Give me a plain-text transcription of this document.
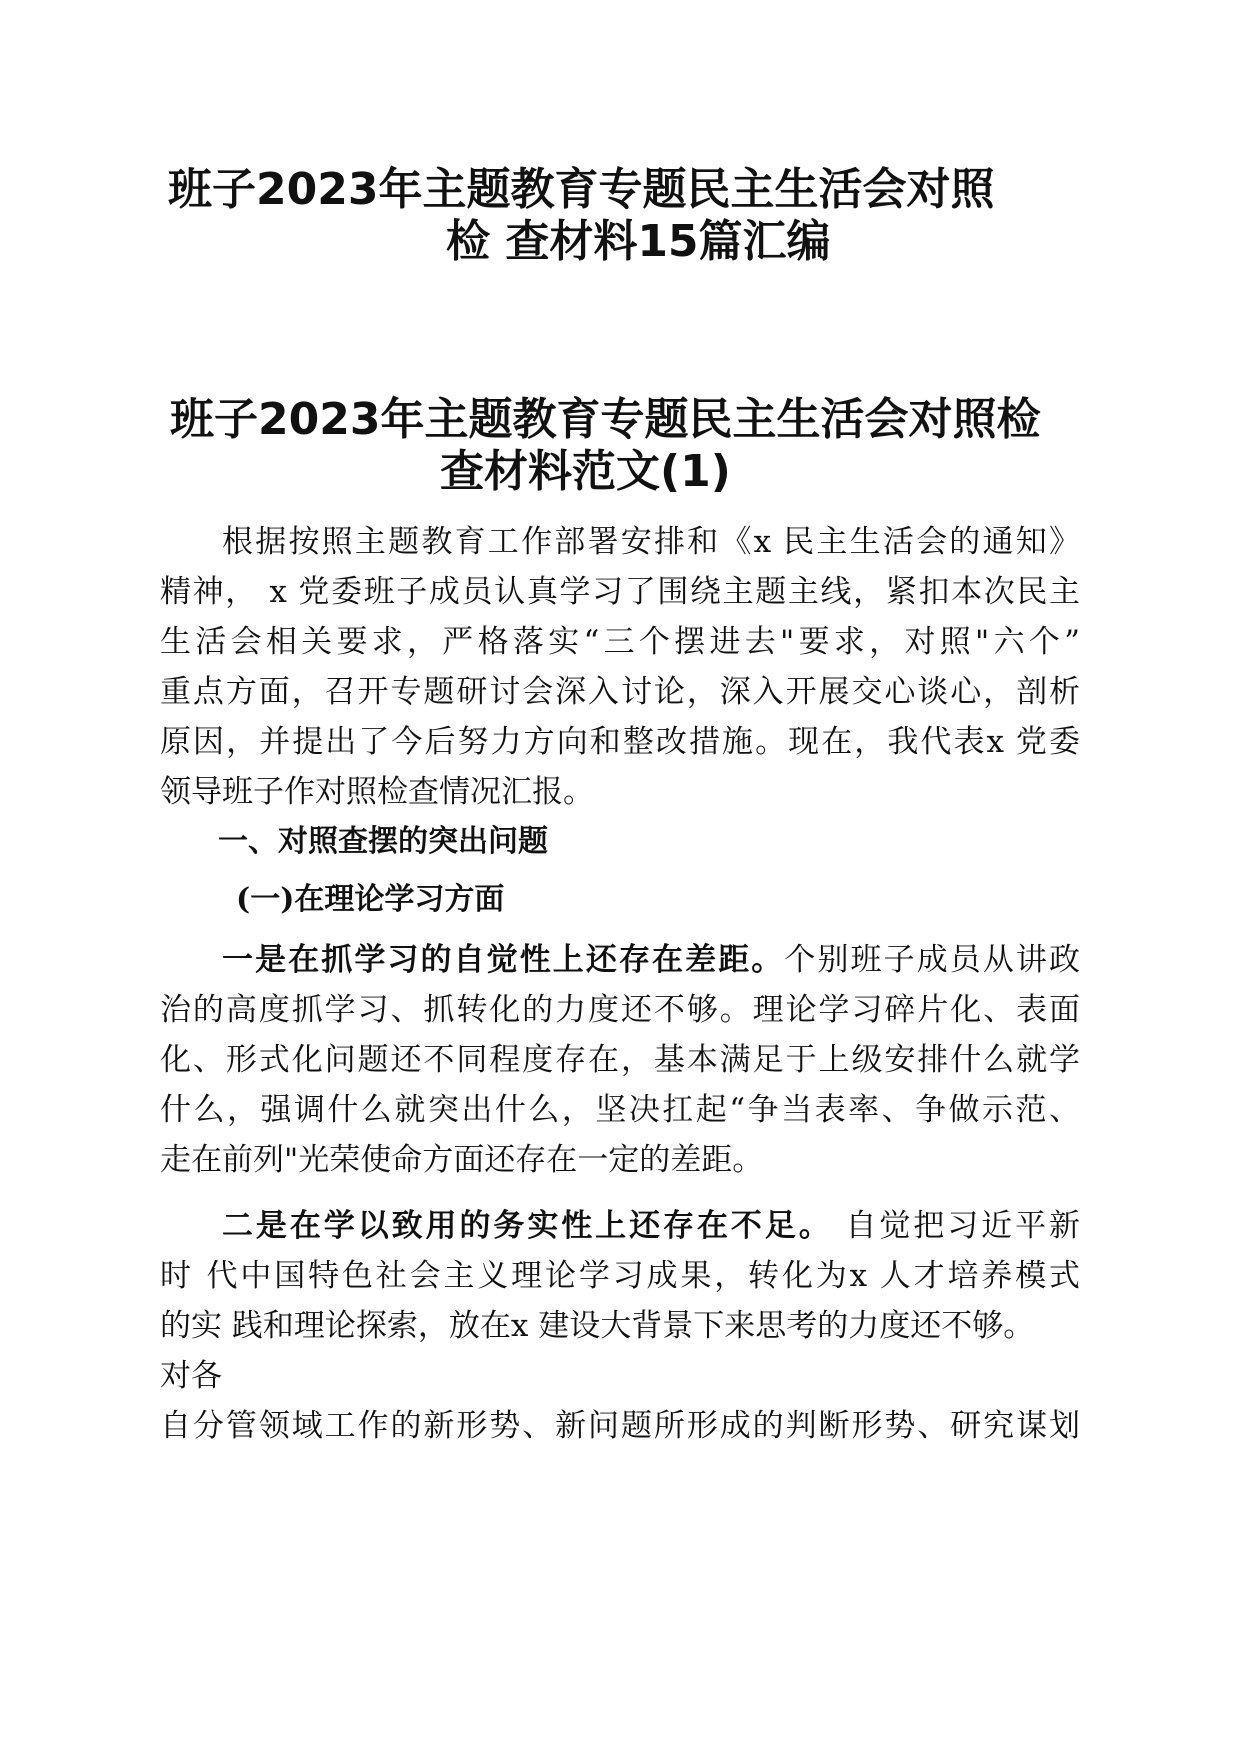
班子2023年主题教育专题民主生活会对照
检 查材料15篇汇编
班子2023年主题教育专题民主生活会对照检
查材料范文(1)

根据按照主题教育工作部署安排和《x 民主生活会的通知》

精神， x 党委班子成员认真学习了围绕主题主线，紧扣本次民主

生活会相关要求，严格落实“三个摆进去"要求，对照"六个”

重点方面，召开专题研讨会深入讨论，深入开展交心谈心，剖析

原因，并提出了今后努力方向和整改措施。现在，我代表x 党委

领导班子作对照检查情况汇报。

一、对照查摆的突出问题
(一)在理论学习方面

一是在抓学习的自觉性上还存在差距。个别班子成员从讲政

治的高度抓学习、抓转化的力度还不够。理论学习碎片化、表面

化、形式化问题还不同程度存在，基本满足于上级安排什么就学

什么，强调什么就突出什么，坚决扛起“争当表率、争做示范、

走在前列"光荣使命方面还存在一定的差距。

二是在学以致用的务实性上还存在不足。 自觉把习近平新

时 代中国特色社会主义理论学习成果，转化为x 人才培养模式

的实 践和理论探索，放在x 建设大背景下来思考的力度还不够。

对各

自分管领域工作的新形势、新问题所形成的判断形势、研究谋划
